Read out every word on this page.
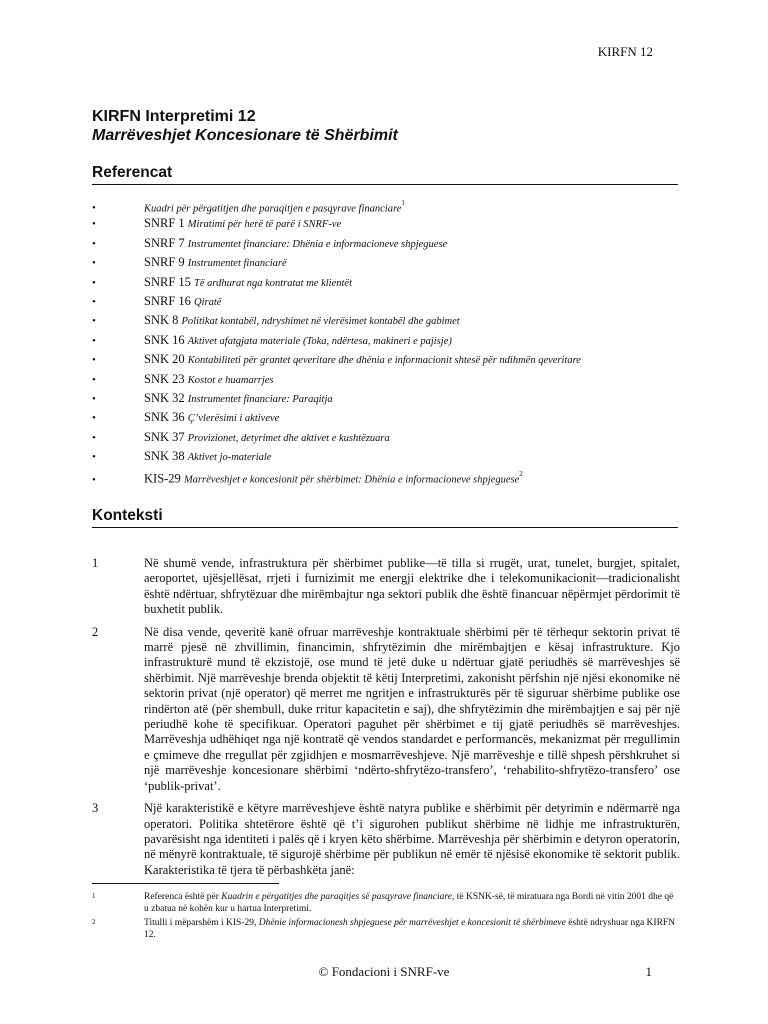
KIRFN 12
KIRFN Interpretimi 12
Marrëveshjet Koncesionare të Shërbimit
Referencat
•	Kuadri për përgatitjen dhe paraqitjen e pasqyrave financiare$^1$
•	SNRF 1 Miratimi për herë të parë i SNRF-ve
•	SNRF 7 Instrumentet financiare: Dhënia e informacioneve shpjeguese
•	SNRF 9 Instrumentet financiarë
•	SNRF 15 Të ardhurat nga kontratat me klientët
•	SNRF 16 Qiratë
•	SNK 8 Politikat kontabël, ndryshimet në vlerësimet kontabël dhe gabimet
•	SNK 16 Aktivet afatgjata materiale (Toka, ndërtesa, makineri e pajisje)
•	SNK 20 Kontabiliteti për grantet qeveritare dhe dhënia e informacionit shtesë për ndihmën qeveritare
•	SNK 23 Kostot e huamarrjes
•	SNK 32 Instrumentet financiare: Paraqitja
•	SNK 36 Ç’vlerësimi i aktiveve
•	SNK 37 Provizionet, detyrimet dhe aktivet e kushtëzuara
•	SNK 38 Aktivet jo-materiale
•	KIS-29 Marrëveshjet e koncesionit për shërbimet: Dhënia e informacioneve shpjeguese$^2$
Konteksti
1	Në shumë vende, infrastruktura për shërbimet publike—të tilla si rrugët, urat, tunelet, burgjet, spitalet, aeroportet, ujësjellësat, rrjeti i furnizimit me energji elektrike dhe i telekomunikacionit—tradicionalisht është ndërtuar, shfrytëzuar dhe mirëmbajtur nga sektori publik dhe është financuar nëpërmjet përdorimit të buxhetit publik.
2	Në disa vende, qeveritë kanë ofruar marrëveshje kontraktuale shërbimi për të tërhequr sektorin privat të marrë pjesë në zhvillimin, financimin, shfrytëzimin dhe mirëmbajtjen e kësaj infrastrukture. Kjo infrastrukturë mund të ekzistojë, ose mund të jetë duke u ndërtuar gjatë periudhës së marrëveshjes së shërbimit. Një marrëveshje brenda objektit të këtij Interpretimi, zakonisht përfshin një njësi ekonomike në sektorin privat (një operator) që merret me ngritjen e infrastrukturës për të siguruar shërbime publike ose rindërton atë (për shembull, duke rritur kapacitetin e saj), dhe shfrytëzimin dhe mirëmbajtjen e saj për një periudhë kohe të specifikuar. Operatori paguhet për shërbimet e tij gjatë periudhës së marrëveshjes. Marrëveshja udhëhiqet nga një kontratë që vendos standardet e performancës, mekanizmat për rregullimin e çmimeve dhe rregullat për zgjidhjen e mosmarrëveshjeve. Një marrëveshje e tillë shpesh përshkruhet si një marrëveshje koncesionare shërbimi ‘ndërto-shfrytëzo-transfero’, ‘rehabilito-shfrytëzo-transfero’ ose ‘publik-privat’.
3	Një karakteristikë e këtyre marrëveshjeve është natyra publike e shërbimit për detyrimin e ndërmarrë nga operatori. Politika shtetërore është që t’i sigurohen publikut shërbime në lidhje me infrastrukturën, pavarësisht nga identiteti i palës që i kryen këto shërbime. Marrëveshja për shërbimin e detyron operatorin, në mënyrë kontraktuale, të sigurojë shërbime për publikun në emër të njësisë ekonomike të sektorit publik. Karakteristika të tjera të përbashkëta janë:
1	Referenca është për Kuadrin e përgatitjes dhe paraqitjes së pasqyrave financiare, të KSNK-së, të miratuara nga Bordi në vitin 2001 dhe që u zbatua në kohën kur u hartua Interpretimi.
2	Titulli i mëparshëm i KIS-29, Dhënie informacionesh shpjeguese për marrëveshjet e koncesionit të shërbimeve është ndryshuar nga KIRFN 12.
© Fondacioni i SNRF-ve	1
